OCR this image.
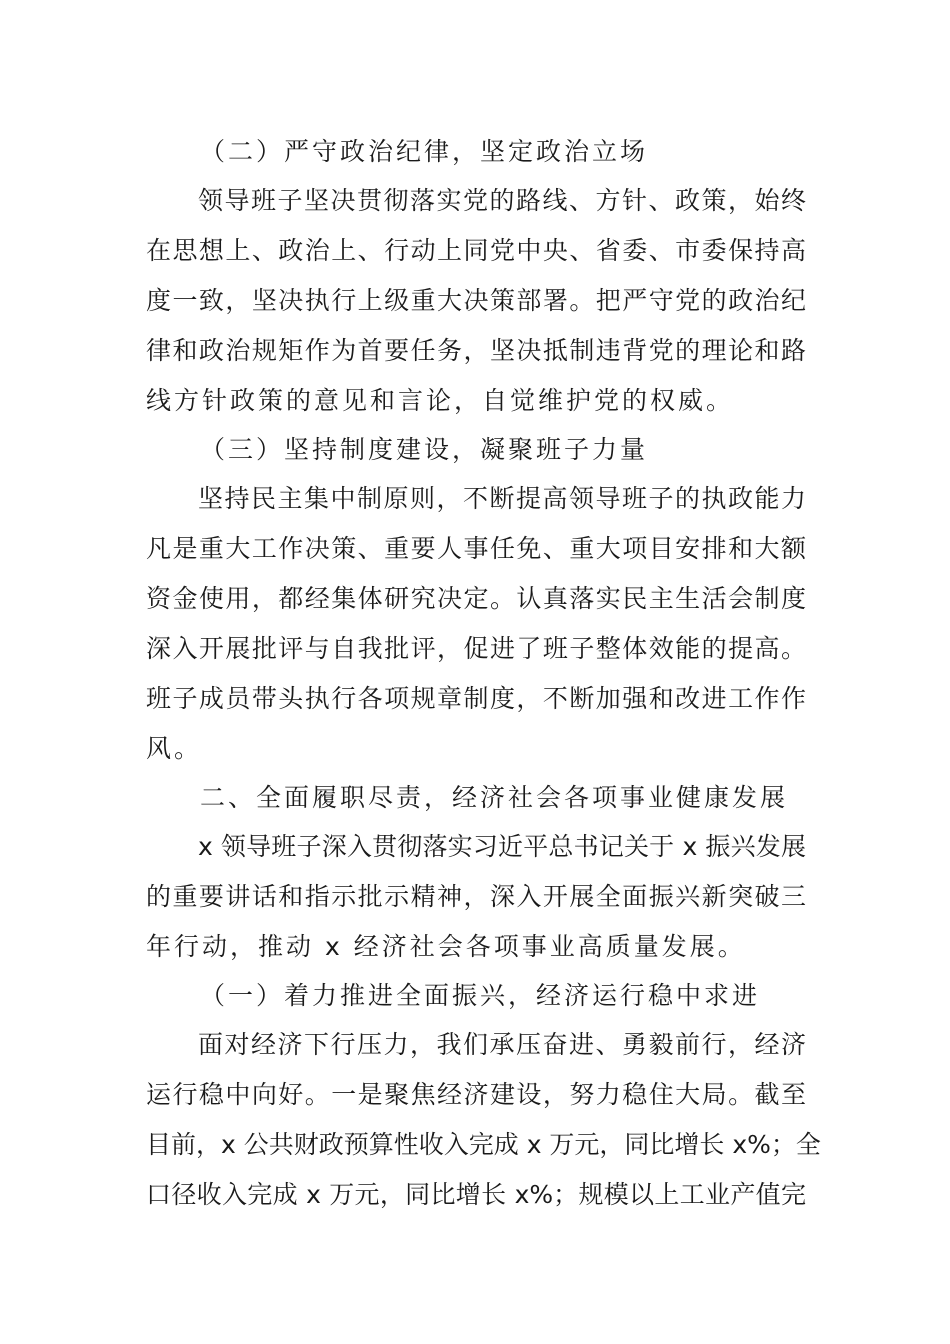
（二）严守政治纪律，坚定政治立场
领导班子坚决贯彻落实党的路线、方针、政策，始终
在思想上、政治上、行动上同党中央、省委、市委保持高
度一致，坚决执行上级重大决策部署。把严守党的政治纪
律和政治规矩作为首要任务，坚决抵制违背党的理论和路
线方针政策的意见和言论，自觉维护党的权威。
（三）坚持制度建设，凝聚班子力量
坚持民主集中制原则，不断提高领导班子的执政能力
凡是重大工作决策、重要人事任免、重大项目安排和大额
资金使用，都经集体研究决定。认真落实民主生活会制度
深入开展批评与自我批评，促进了班子整体效能的提高。
班子成员带头执行各项规章制度，不断加强和改进工作作
风。
二、全面履职尽责，经济社会各项事业健康发展
x 领导班子深入贯彻落实习近平总书记关于 x 振兴发展
的重要讲话和指示批示精神，深入开展全面振兴新突破三
年行动，推动 x 经济社会各项事业高质量发展。
（一）着力推进全面振兴，经济运行稳中求进
面对经济下行压力，我们承压奋进、勇毅前行，经济
运行稳中向好。一是聚焦经济建设，努力稳住大局。截至
目前，x 公共财政预算性收入完成 x 万元，同比增长 x%；全
口径收入完成 x 万元，同比增长 x%；规模以上工业产值完
